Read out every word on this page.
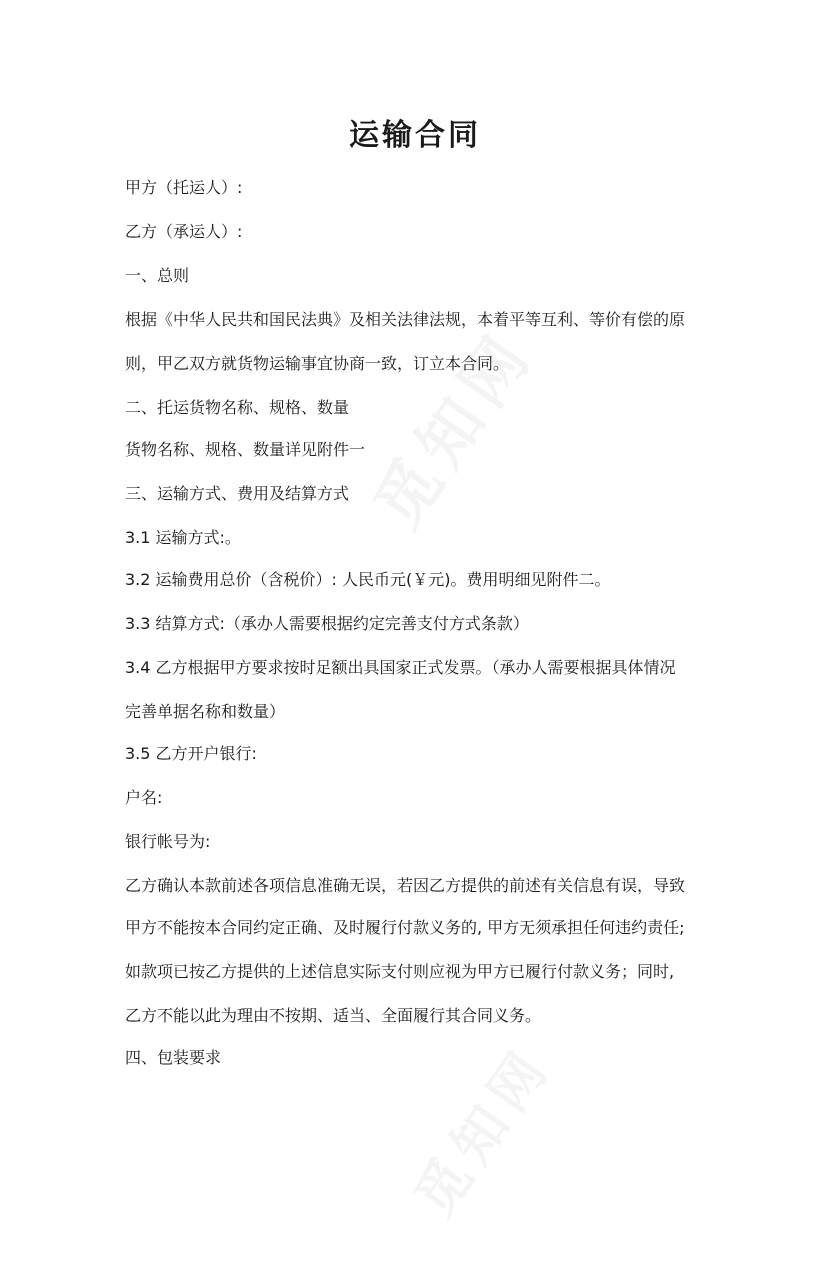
运输合同

甲方（托运人）:

乙方（承运人）:

一、总则

根据《中华人民共和国民法典》及相关法律法规，本着平等互利、等价有偿的原

则，甲乙双方就货物运输事宜协商一致，订立本合同。

二、托运货物名称、规格、数量

货物名称、规格、数量详见附件一

三、运输方式、费用及结算方式

3.1 运输方式:。

3.2 运输费用总价（含税价）: 人民币元(￥元)。费用明细见附件二。

3.3 结算方式:（承办人需要根据约定完善支付方式条款）

3.4 乙方根据甲方要求按时足额出具国家正式发票。（承办人需要根据具体情况

完善单据名称和数量）

3.5 乙方开户银行:

户名:

银行帐号为:

乙方确认本款前述各项信息准确无误，若因乙方提供的前述有关信息有误，导致

甲方不能按本合同约定正确、及时履行付款义务的, 甲方无须承担任何违约责任;

如款项已按乙方提供的上述信息实际支付则应视为甲方已履行付款义务；同时,

乙方不能以此为理由不按期、适当、全面履行其合同义务。

四、包装要求
